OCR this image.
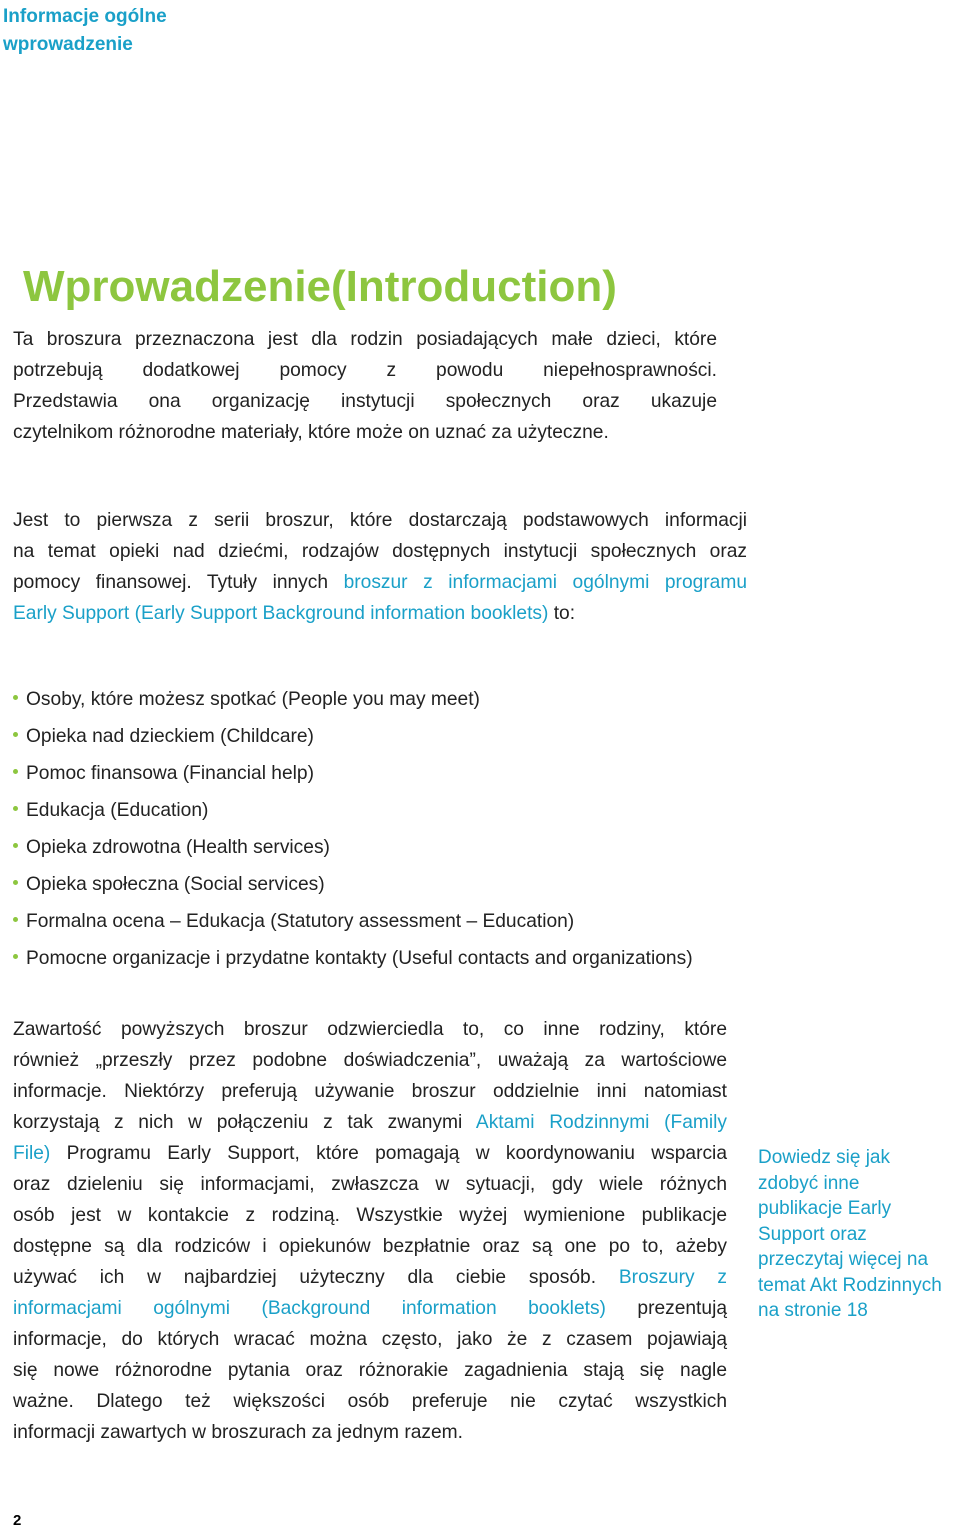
Informacje ogólne
wprowadzenie
Wprowadzenie(Introduction)
Ta broszura przeznaczona jest dla rodzin posiadających małe dzieci, które
potrzebują dodatkowej pomocy z powodu niepełnosprawności.
Przedstawia ona organizację instytucji społecznych oraz ukazuje
czytelnikom różnorodne materiały, które może on uznać za użyteczne.
Jest to pierwsza z serii broszur, które dostarczają podstawowych informacji
na temat opieki nad dziećmi, rodzajów dostępnych instytucji społecznych oraz
pomocy finansowej. Tytuły innych broszur z informacjami ogólnymi programu
Early Support (Early Support Background information booklets) to:
Osoby, które możesz spotkać (People you may meet)
Opieka nad dzieckiem (Childcare)
Pomoc finansowa (Financial help)
Edukacja (Education)
Opieka zdrowotna (Health services)
Opieka społeczna (Social services)
Formalna ocena – Edukacja (Statutory assessment – Education)
Pomocne organizacje i przydatne kontakty (Useful contacts and organizations)
Zawartość powyższych broszur odzwierciedla to, co inne rodziny, które
również „przeszły przez podobne doświadczenia”, uważają za wartościowe
informacje. Niektórzy preferują używanie broszur oddzielnie inni natomiast
korzystają z nich w połączeniu z tak zwanymi Aktami Rodzinnymi (Family
File) Programu Early Support, które pomagają w koordynowaniu wsparcia
oraz dzieleniu się informacjami, zwłaszcza w sytuacji, gdy wiele różnych
osób jest w kontakcie z rodziną. Wszystkie wyżej wymienione publikacje
dostępne są dla rodziców i opiekunów bezpłatnie oraz są one po to, ażeby
używać ich w najbardziej użyteczny dla ciebie sposób. Broszury z
informacjami ogólnymi (Background information booklets) prezentują
informacje, do których wracać można często, jako że z czasem pojawiają
się nowe różnorodne pytania oraz różnorakie zagadnienia stają się nagle
ważne. Dlatego też większości osób preferuje nie czytać wszystkich
informacji zawartych w broszurach za jednym razem.
Dowiedz się jak
zdobyć inne
publikacje Early
Support oraz
przeczytaj więcej na
temat Akt Rodzinnych
na stronie 18
2
